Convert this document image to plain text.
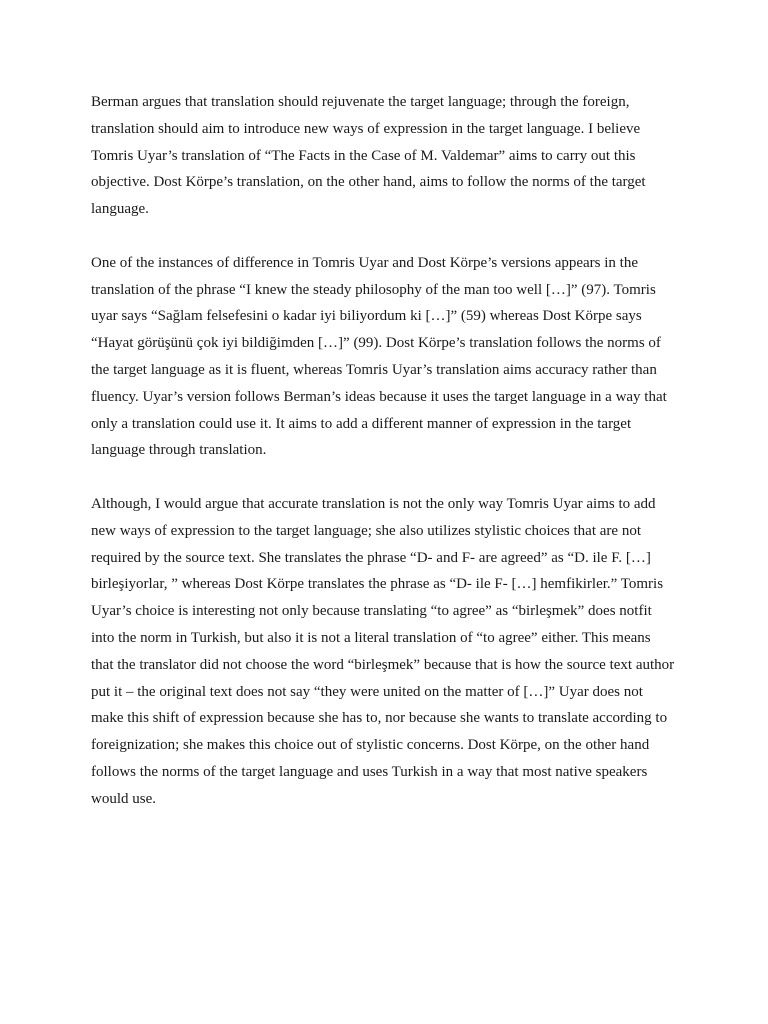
Berman argues that translation should rejuvenate the target language; through the foreign,
translation should aim to introduce new ways of expression in the target language. I believe
Tomris Uyar’s translation of “The Facts in the Case of M. Valdemar” aims to carry out this
objective. Dost Körpe’s translation, on the other hand, aims to follow the norms of the target
language.

One of the instances of difference in Tomris Uyar and Dost Körpe’s versions appears in the
translation of the phrase “I knew the steady philosophy of the man too well […]” (97). Tomris
uyar says “Sağlam felsefesini o kadar iyi biliyordum ki […]” (59) whereas Dost Körpe says
“Hayat görüşünü çok iyi bildiğimden […]” (99). Dost Körpe’s translation follows the norms of
the target language as it is fluent, whereas Tomris Uyar’s translation aims accuracy rather than
fluency. Uyar’s version follows Berman’s ideas because it uses the target language in a way that
only a translation could use it. It aims to add a different manner of expression in the target
language through translation.

Although, I would argue that accurate translation is not the only way Tomris Uyar aims to add
new ways of expression to the target language; she also utilizes stylistic choices that are not
required by the source text. She translates the phrase “D- and F- are agreed” as “D. ile F. […]
birleşiyorlar, ” whereas Dost Körpe translates the phrase as “D- ile F- […] hemfikirler.” Tomris
Uyar’s choice is interesting not only because translating “to agree” as “birleşmek” does notfit
into the norm in Turkish, but also it is not a literal translation of “to agree” either. This means
that the translator did not choose the word “birleşmek” because that is how the source text author
put it – the original text does not say “they were united on the matter of […]” Uyar does not
make this shift of expression because she has to, nor because she wants to translate according to
foreignization; she makes this choice out of stylistic concerns. Dost Körpe, on the other hand
follows the norms of the target language and uses Turkish in a way that most native speakers
would use.
